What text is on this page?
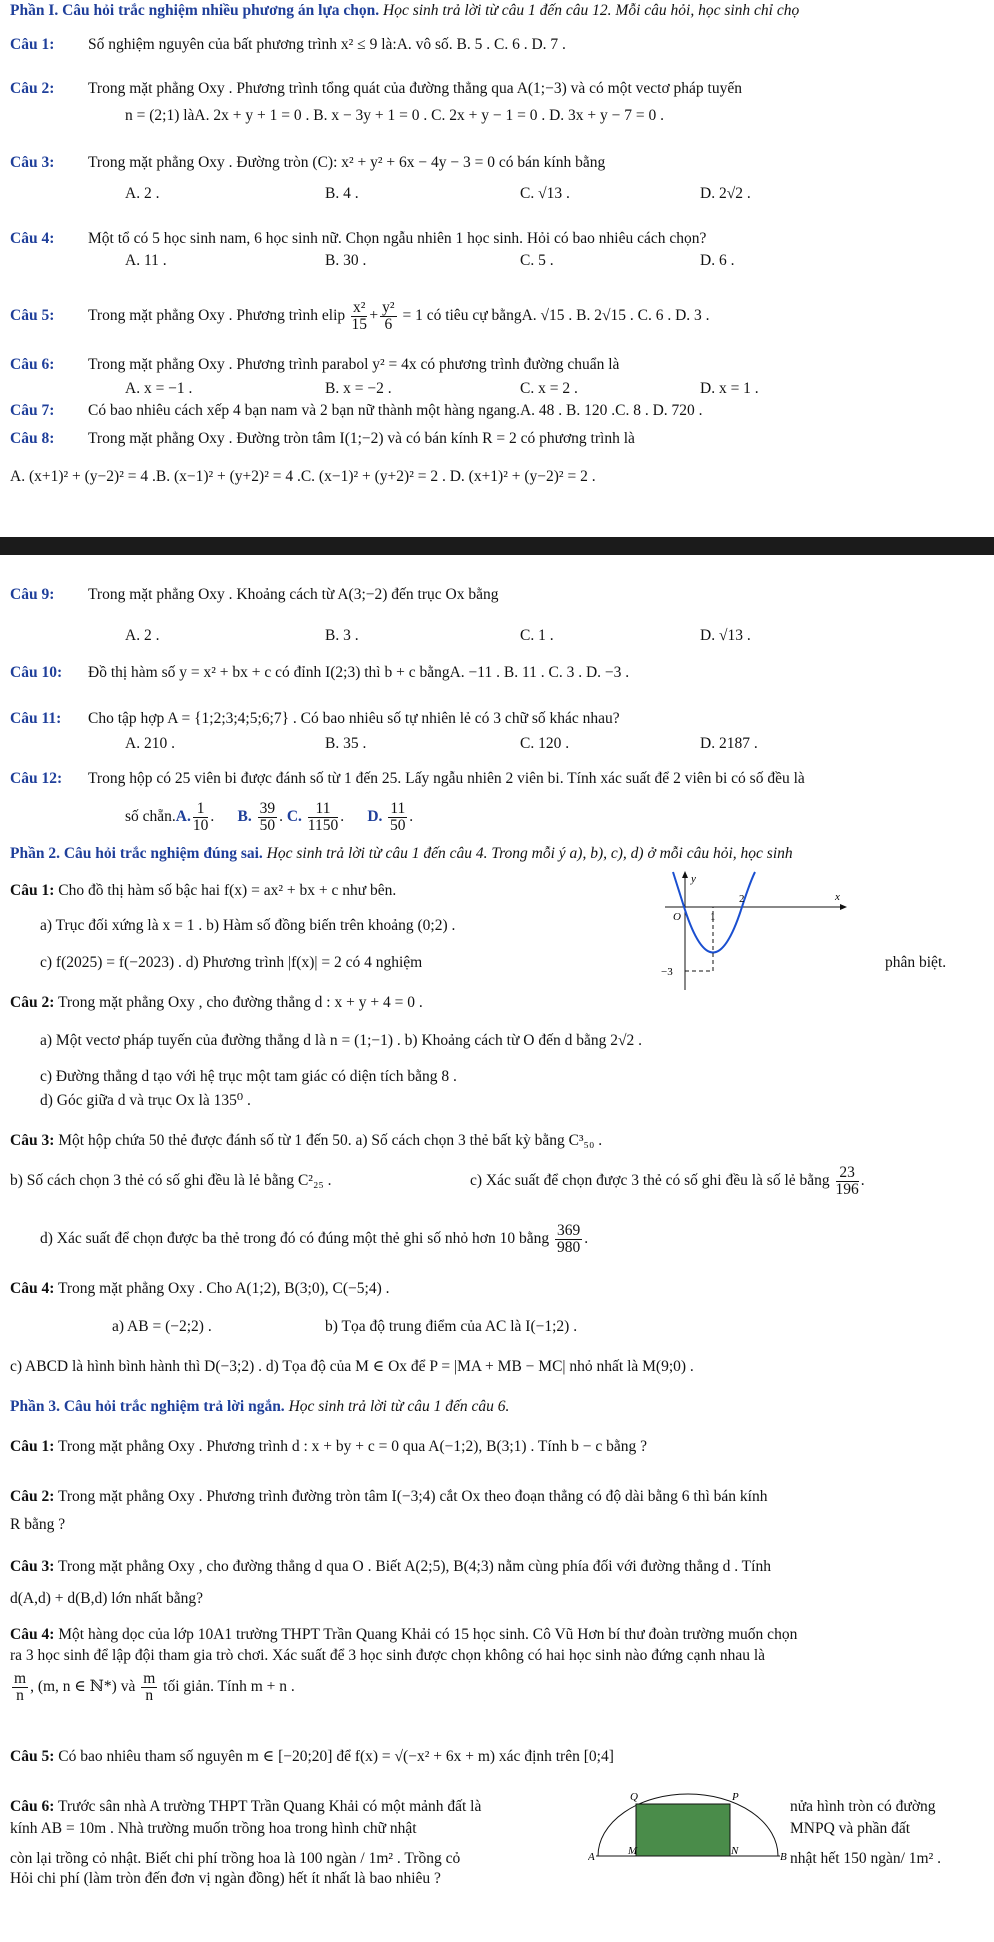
Phần I. Câu hỏi trắc nghiệm nhiều phương án lựa chọn. Học sinh trả lời từ câu 1 đến câu 12. Mỗi câu hỏi, học sinh chỉ chọ
Câu 1: Số nghiệm nguyên của bất phương trình x² ≤ 9 là:A. vô số. B. 5 . C. 6 . D. 7 .
Câu 2: Trong mặt phẳng Oxy . Phương trình tổng quát của đường thẳng qua A(1;−3) và có một vectơ pháp tuyến
n = (2;1) làA. 2x + y + 1 = 0 . B. x − 3y + 1 = 0 . C. 2x + y − 1 = 0 . D. 3x + y − 7 = 0 .
Câu 3: Trong mặt phẳng Oxy . Đường tròn (C): x² + y² + 6x − 4y − 3 = 0 có bán kính bằng
A. 2 .	B. 4 .	C. √13 .	D. 2√2 .
Câu 4: Một tổ có 5 học sinh nam, 6 học sinh nữ. Chọn ngẫu nhiên 1 học sinh. Hỏi có bao nhiêu cách chọn?
A. 11 .	B. 30 .	C. 5 .	D. 6 .
Câu 5: Trong mặt phẳng Oxy . Phương trình elip $\frac{\text{x²}}{15} + \frac{\text{y²}}{6} = 1$ có tiêu cự bằngA. √15 . B. 2√15 . C. 6 . D. 3 .
Câu 6: Trong mặt phẳng Oxy . Phương trình parabol y² = 4x có phương trình đường chuẩn là
A. x = −1 .	B. x = −2 .	C. x = 2 .	D. x = 1 .
Câu 7: Có bao nhiêu cách xếp 4 bạn nam và 2 bạn nữ thành một hàng ngang.A. 48 . B. 120 .C. 8 . D. 720 .
Câu 8: Trong mặt phẳng Oxy . Đường tròn tâm I(1;−2) và có bán kính R = 2 có phương trình là
A. (x+1)² + (y−2)² = 4 .B. (x−1)² + (y+2)² = 4 .C. (x−1)² + (y+2)² = 2 . D. (x+1)² + (y−2)² = 2 .
Câu 9: Trong mặt phẳng Oxy . Khoảng cách từ A(3;−2) đến trục Ox bằng
A. 2 .	B. 3 .	C. 1 .	D. √13 .
Câu 10: Đồ thị hàm số y = x² + bx + c có đỉnh I(2;3) thì b + c bằngA. −11 . B. 11 . C. 3 . D. −3 .
Câu 11: Cho tập hợp A = {1;2;3;4;5;6;7} . Có bao nhiêu số tự nhiên lẻ có 3 chữ số khác nhau?
A. 210 .	B. 35 .	C. 120 .	D. 2187 .
Câu 12: Trong hộp có 25 viên bi được đánh số từ 1 đến 25. Lấy ngẫu nhiên 2 viên bi. Tính xác suất để 2 viên bi có số đều là
số chẵn.A. $\frac{1}{10}$ .      B. $\frac{39}{50}$ . C. $\frac{11}{1150}$ .      D. $\frac{11}{50}$ .
Phần 2. Câu hỏi trắc nghiệm đúng sai. Học sinh trả lời từ câu 1 đến câu 4. Trong mỗi ý a), b), c), d) ở mỗi câu hỏi, học sinh
Câu 1: Cho đồ thị hàm số bậc hai f(x) = ax² + bx + c như bên.
a) Trục đối xứng là x = 1 . b) Hàm số đồng biến trên khoảng (0;2) .
c) f(2025) = f(−2023) . d) Phương trình |f(x)| = 2 có 4 nghiệm	phân biệt.
y
x
O	1
2
−3
Câu 2: Trong mặt phẳng Oxy , cho đường thẳng d : x + y + 4 = 0 .
a) Một vectơ pháp tuyến của đường thẳng d là n = (1;−1) . b) Khoảng cách từ O đến d bằng 2√2 .
c) Đường thẳng d tạo với hệ trục một tam giác có diện tích bằng 8 .
d) Góc giữa d và trục Ox là 135⁰ .
Câu 3: Một hộp chứa 50 thẻ được đánh số từ 1 đến 50. a) Số cách chọn 3 thẻ bất kỳ bằng C³₅₀ .
b) Số cách chọn 3 thẻ có số ghi đều là lẻ bằng C²₂₅ .	c) Xác suất để chọn được 3 thẻ có số ghi đều là số lẻ bằng $\frac{23}{196}$ .
d) Xác suất để chọn được ba thẻ trong đó có đúng một thẻ ghi số nhỏ hơn 10 bằng $\frac{369}{980}$ .
Câu 4: Trong mặt phẳng Oxy . Cho A(1;2), B(3;0), C(−5;4) .
a) AB = (−2;2) .	b) Tọa độ trung điểm của AC là I(−1;2) .
c) ABCD là hình bình hành thì D(−3;2) . d) Tọa độ của M ∈ Ox để P = |MA + MB − MC| nhỏ nhất là M(9;0) .
Phần 3. Câu hỏi trắc nghiệm trả lời ngắn. Học sinh trả lời từ câu 1 đến câu 6.
Câu 1: Trong mặt phẳng Oxy . Phương trình d : x + by + c = 0 qua A(−1;2), B(3;1) . Tính b − c bằng ?
Câu 2: Trong mặt phẳng Oxy . Phương trình đường tròn tâm I(−3;4) cắt Ox theo đoạn thẳng có độ dài bằng 6 thì bán kính
R bằng ?
Câu 3: Trong mặt phẳng Oxy , cho đường thẳng d qua O . Biết A(2;5), B(4;3) nằm cùng phía đối với đường thẳng d . Tính
d(A,d) + d(B,d) lớn nhất bằng?
Câu 4: Một hàng dọc của lớp 10A1 trường THPT Trần Quang Khải có 15 học sinh. Cô Vũ Hơn bí thư đoàn trường muốn chọn
ra 3 học sinh để lập đội tham gia trò chơi. Xác suất để 3 học sinh được chọn không có hai học sinh nào đứng cạnh nhau là
$\frac{m}{n}$ , (m, n ∈ ℕ*) và $\frac{m}{n}$ tối giản. Tính m + n .
Câu 5: Có bao nhiêu tham số nguyên m ∈ [−20;20] để f(x) = √(−x² + 6x + m) xác định trên [0;4]
Câu 6: Trước sân nhà A trường THPT Trần Quang Khải có một mảnh đất là	nửa hình tròn có đường
kính AB = 10m . Nhà trường muốn trồng hoa trong hình chữ nhật	MNPQ và phần đất
còn lại trồng cỏ nhật. Biết chi phí trồng hoa là 100 ngàn / 1m² . Trồng cỏ	nhật hết 150 ngàn/ 1m² .
Hỏi chi phí (làm tròn đến đơn vị ngàn đồng) hết ít nhất là bao nhiêu ?
Q	P
A	M	N	B
